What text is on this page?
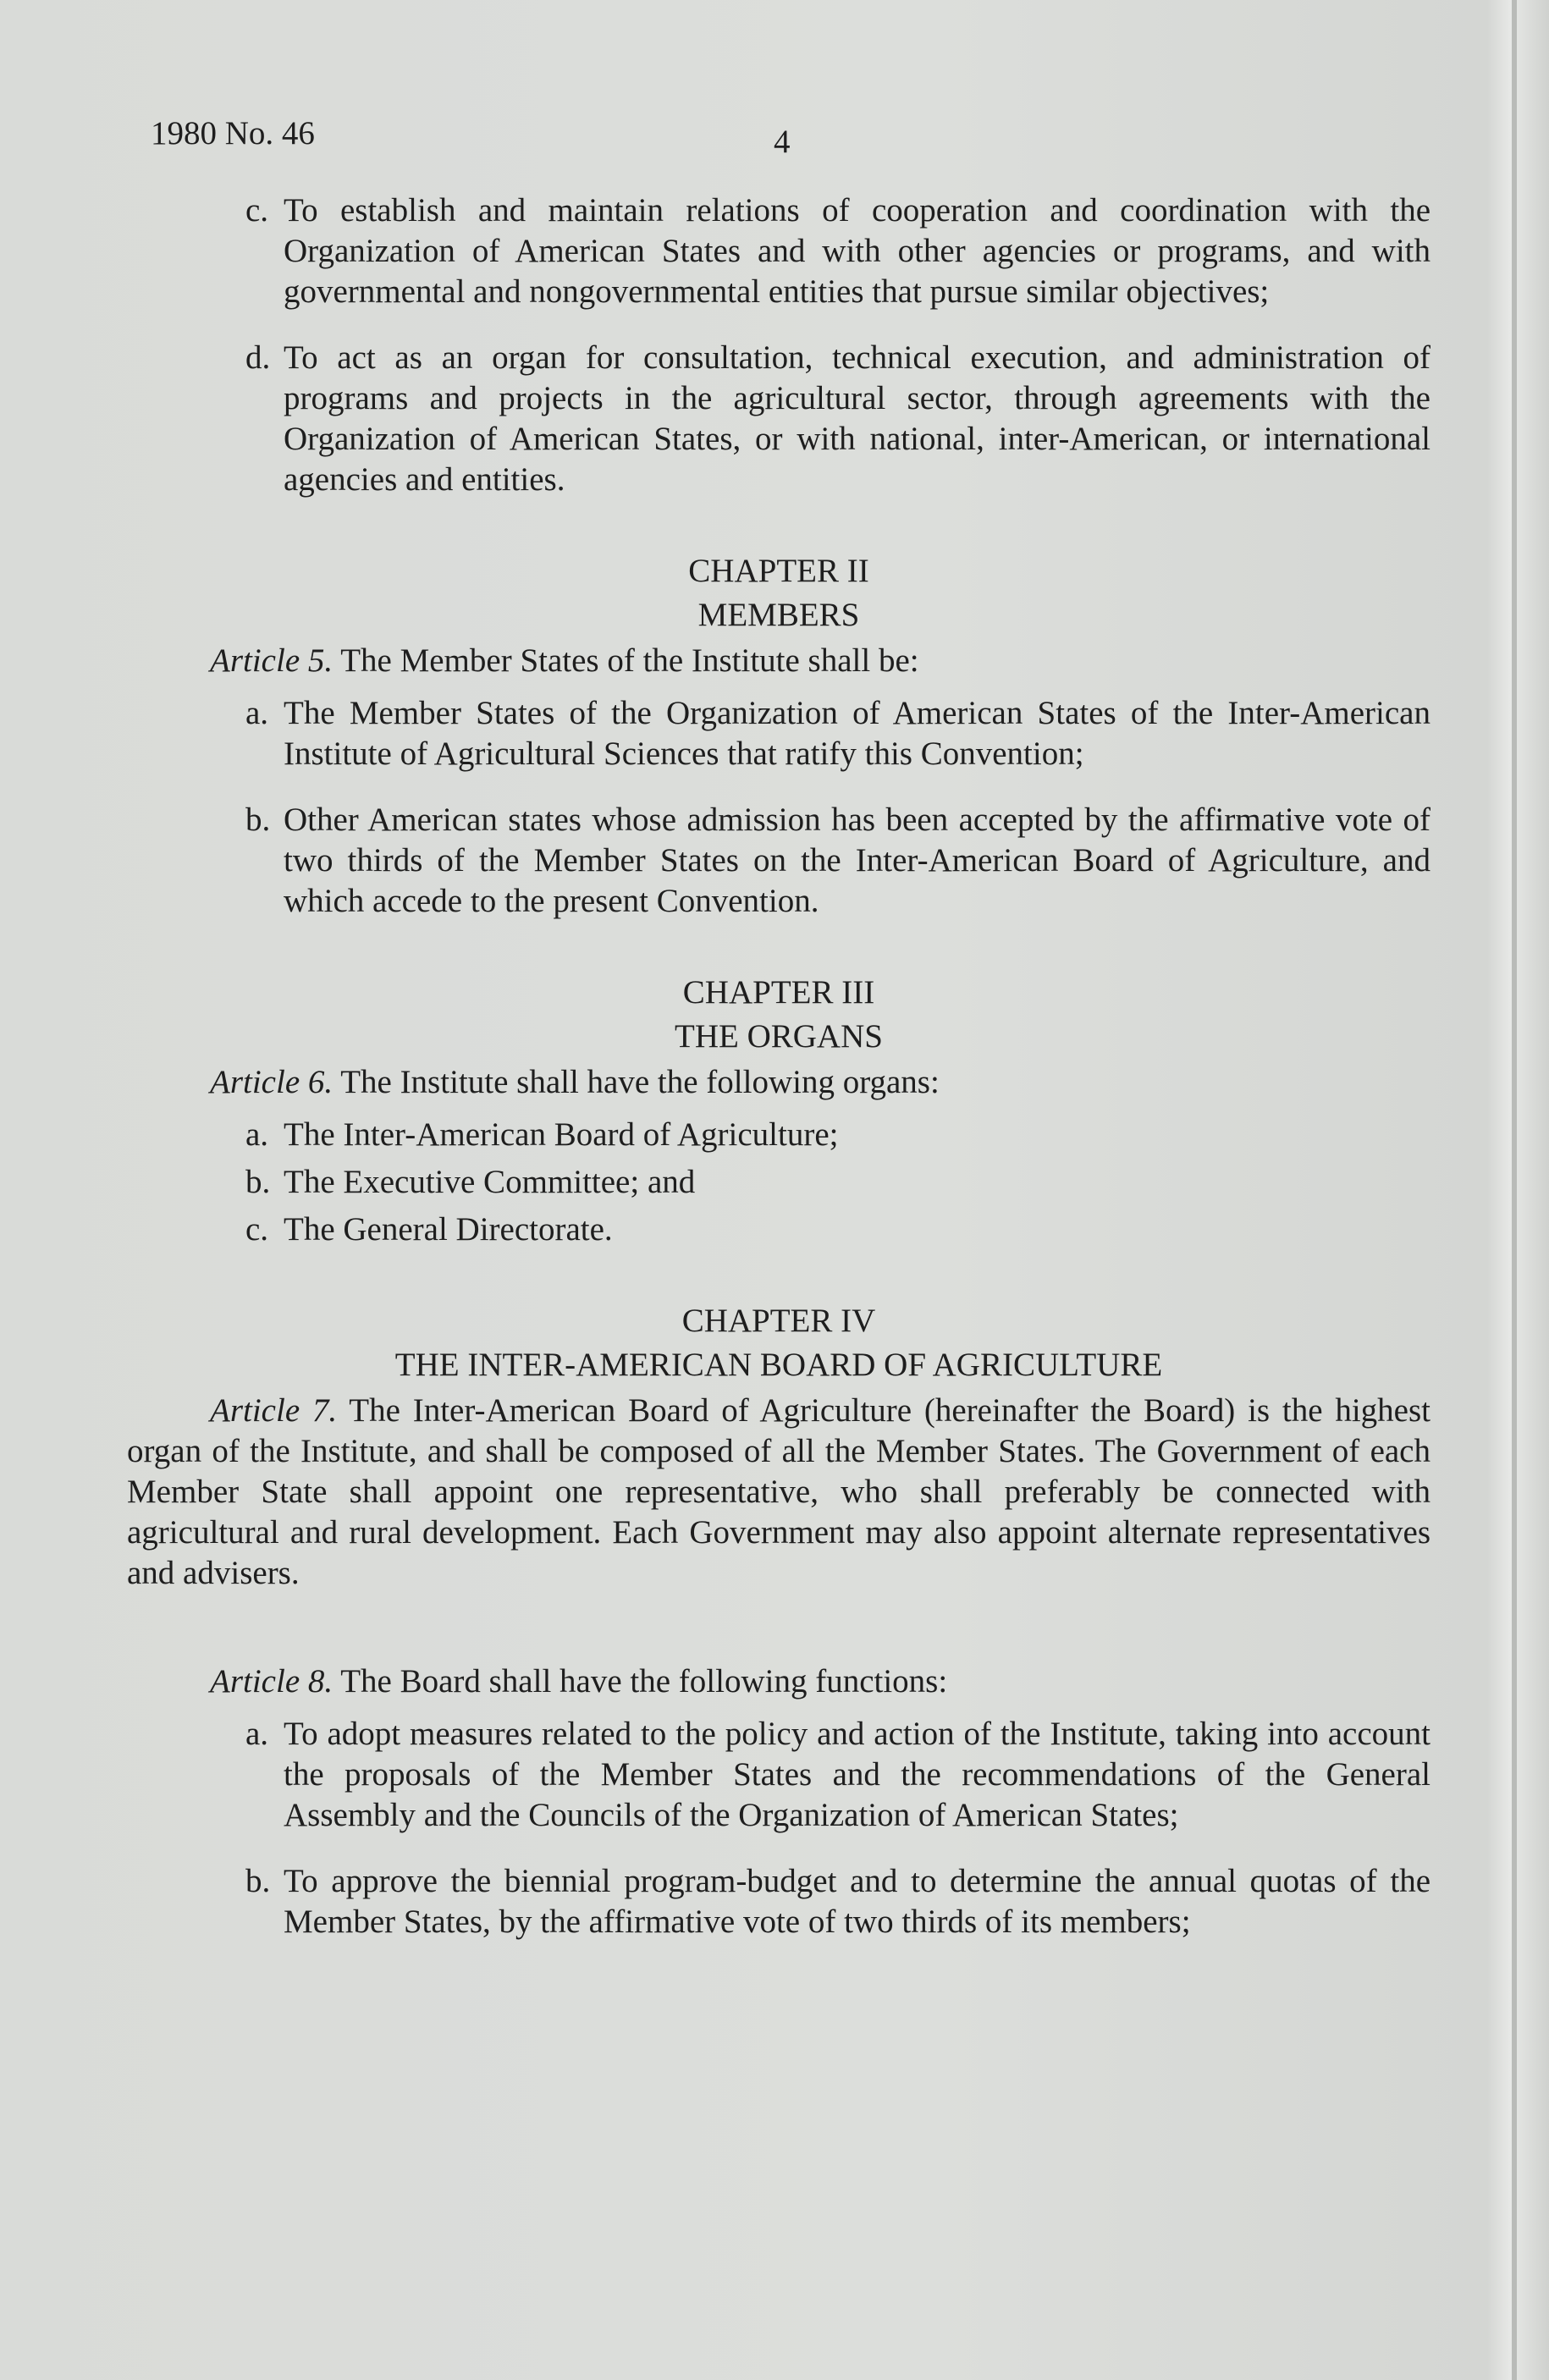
1980 No. 46	4
c. To establish and maintain relations of cooperation and coordination with the Organization of American States and with other agencies or programs, and with governmental and nongovernmental entities that pursue similar objectives;
d. To act as an organ for consultation, technical execution, and administration of programs and projects in the agricultural sector, through agreements with the Organization of American States, or with national, inter-American, or international agencies and entities.

CHAPTER II

MEMBERS

Article 5. The Member States of the Institute shall be:

a. The Member States of the Organization of American States of the Inter-American Institute of Agricultural Sciences that ratify this Convention;
b. Other American states whose admission has been accepted by the affirmative vote of two thirds of the Member States on the Inter-American Board of Agriculture, and which accede to the present Convention.

CHAPTER III

THE ORGANS

Article 6. The Institute shall have the following organs:

a. The Inter-American Board of Agriculture;
b. The Executive Committee; and
c. The General Directorate.

CHAPTER IV

THE INTER-AMERICAN BOARD OF AGRICULTURE

Article 7. The Inter-American Board of Agriculture (hereinafter the Board) is the highest organ of the Institute, and shall be composed of all the Member States. The Government of each Member State shall appoint one representative, who shall preferably be connected with agricultural and rural development. Each Government may also appoint alternate representatives and advisers.

Article 8. The Board shall have the following functions:

a. To adopt measures related to the policy and action of the Institute, taking into account the proposals of the Member States and the recommendations of the General Assembly and the Councils of the Organization of American States;
b. To approve the biennial program-budget and to determine the annual quotas of the Member States, by the affirmative vote of two thirds of its members;
